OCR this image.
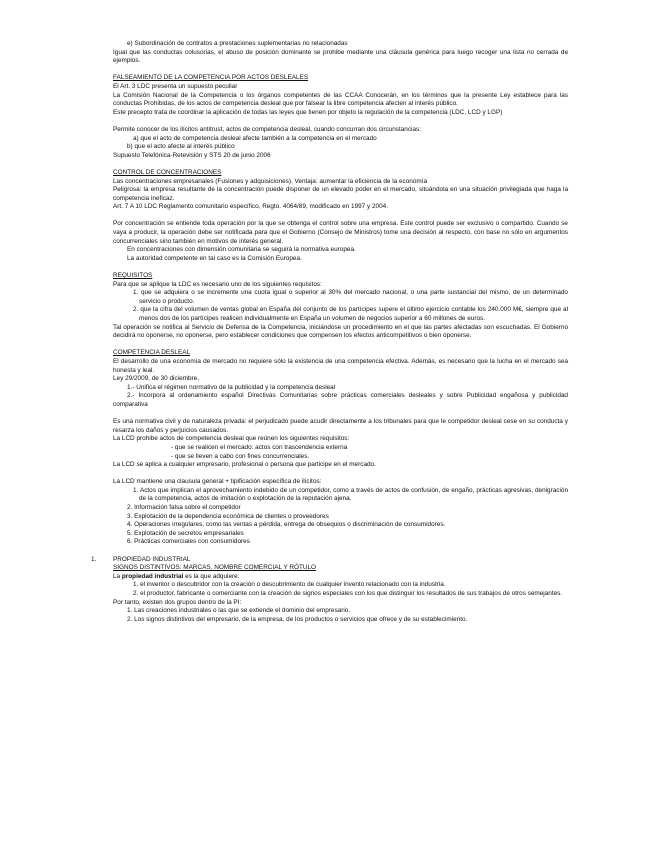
e) Subordinación de contratos a prestaciones suplementarias no relacionadas

Igual que las conductas colusorias, el abuso de posición dominante se prohibe mediante una cláusula genérica para luego recoger una lista no cerrada de ejemplos.

FALSEAMIENTO DE LA COMPETENCIA POR ACTOS DESLEALES

El Art. 3 LDC presenta un supuesto peculiar

La Comisión Nacional de la Competencia o los órganos competentes de las CCAA Conocerán, en los términos que la presente Ley establece para las conductas Prohibidas, de los actos de competencia desleal que por falsear la libre competencia afecten al interés público.

Este precepto trata de coordinar la aplicación de todas las leyes que tienen por objeto la regulación de la competencia (LDC, LCD y LGP)

Permite conocer de los ilícitos antitrust, actos de competencia desleal, cuando concurran dos circunstancias:

a) que el acto de competencia desleal afecte también a la competencia en el mercado

b) que el acto afecte al interés público

Supuesto Telefónica-Retevisión y STS 20 de junio 2006

CONTROL DE CONCENTRACIONES

Las concentraciones empresariales (Fusiones y adquisiciones). Ventaja: aumentar la eficiencia de la economía

Peligrosa: la empresa resultante de la concentración puede disponer de un elevado poder en el mercado, situándola en una situación privilegiada que haga la competencia ineficaz.

Art. 7 A 10 LDC Reglamento comunitario específico, Regto. 4064/89, modificado en 1997 y 2004.

Por concentración se entiende toda operación por la que se obtenga el control sobre una empresa. Este control puede ser exclusivo o compartido. Cuando se vaya a producir, la operación debe ser notificada para que el Gobierno (Consejo de Ministros) tome una decisión al respecto, con base no sólo en argumentos concurrenciales sino también en motivos de interés general.

En concentraciones con dimensión comunitaria se seguirá la normativa europea.

La autoridad competente en tal caso es la Comisión Europea.

REQUISITOS

Para que se aplique la LDC es necesario uno de los siguientes requisitos:

1. que se adquiera o se incremente una cuota igual o superior al 30% del mercado nacional, o una parte sustancial del mismo, de un determinado servicio o producto.

2. que la cifra del volumen de ventas global en España del conjunto de los partícipes supere el último ejercicio contable los 240.000 M€, siempre que al menos dos de los partícipes realicen individualmente en España un volumen de negocios superior a 60 millones de euros.

Tal operación se notifica al Servicio de Defensa de la Competencia, iniciándose un procedimiento en el que las partes afectadas son escuchadas. El Gobierno decidirá no oponerse, no oponerse, pero establecer condiciones que compensen los efectos anticompetitivos o bien oponerse.

COMPETENCIA DESLEAL

El desarrollo de una economía de mercado no requiere sólo la existencia de una competencia efectiva. Además, es necesario que la lucha en el mercado sea honesta y leal.

Ley 29/2009, de 30 diciembre,

1.- Unifica el régimen normativo de la publicidad y la competencia desleal

2.- Incorpora al ordenamiento español Directivas Comunitarias sobre prácticas comerciales desleales y sobre Publicidad engañosa y publicidad comparativa

Es una normativa civil y de naturaleza privada: el perjudicado puede acudir directamente a los tribunales para que le competidor desleal cese en su conducta y resarza los daños y perjuicios causados.

La LCD prohibe actos de competencia desleal que reúnen los siguientes requisitos:

- que se realicen el mercado: actos con trascendencia externa

- que se lleven a cabo con fines concurrenciales.

La LCD se aplica a cualquier empresario, profesional o persona que participe en el mercado.

La LCD mantiene una clausula general + tipificación específica de ilícitos:

1. Actos que implican el aprovechamiento indebido de un competidor, como a través de actos de confusión, de engaño, prácticas agresivas, denigración de la competencia, actos de imitación o explotación de la reputación ajena.

2. Información falsa sobre el competidor

3. Explotación de la dependencia económica de clientes o proveedores

4. Operaciones irregulares, como las ventas a pérdida, entrega de obsequios o discriminación de consumidores.

5. Explotación de secretos empresariales

6. Prácticas comerciales con consumidores

1.	PROPIEDAD INDUSTRIAL

SIGNOS DISTINTIVOS: MARCAS, NOMBRE COMERCIAL Y RÓTULO

La propiedad industrial es la que adquiere:

1. el inventor o descubridor con la creación o descubrimiento de cualquier invento relacionado con la industria.

2. el productor, fabricante o comerciante con la creación de signos especiales con los que distinguir los resultados de sus trabajos de otros semejantes.

Por tanto, existen dos grupos dentro de la PI:

1. Las creaciones industriales o las que se extiende el dominio del empresario.

2. Los signos distintivos del empresario, de la empresa, de los productos o servicios que ofrece y de su establecimiento.
